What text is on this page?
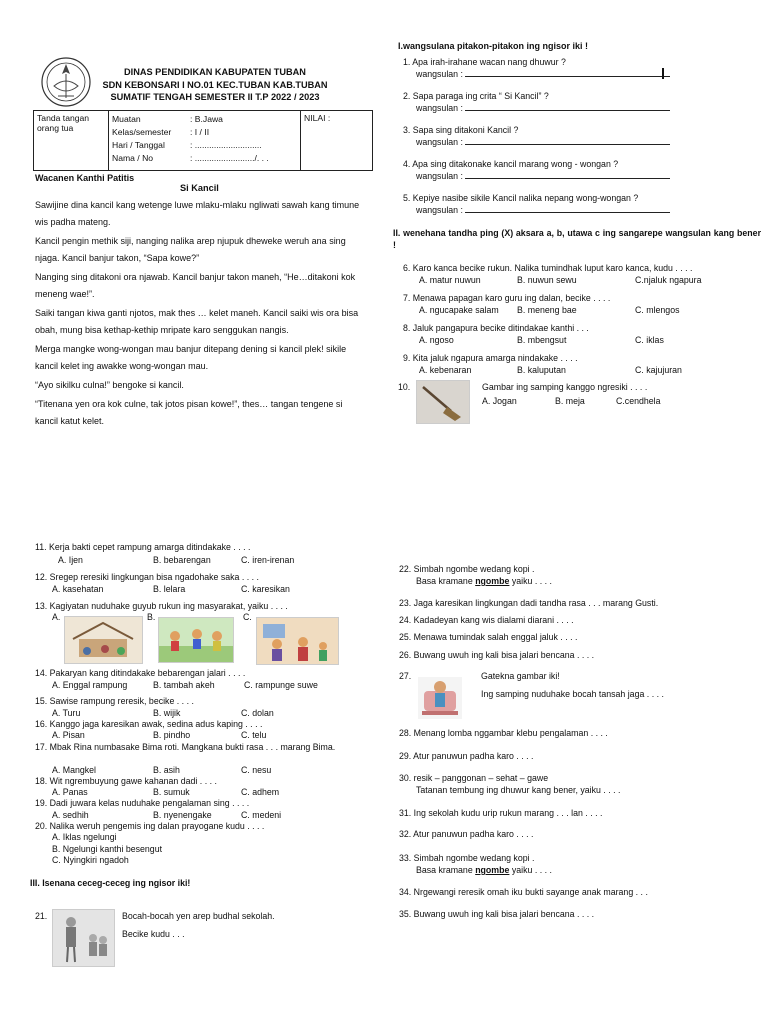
DINAS PENDIDIKAN KABUPATEN TUBAN
SDN KEBONSARI I NO.01 KEC.TUBAN KAB.TUBAN
SUMATIF TENGAH SEMESTER II T.P 2022 / 2023
Tanda tangan orang tua	
Muatan	: B.Jawa
Kelas/semester : I / II
Hari / Tanggal	: ............................
Nama / No	: ........................./. . .
	NILAI :
Wacanen Kanthi Patitis
Si Kancil

Sawijine dina kancil kang wetenge luwe mlaku-mlaku ngliwati sawah kang timune wis padha mateng.

Kancil pengin methik siji, nanging nalika arep njupuk dheweke weruh ana sing njaga. Kancil banjur takon, “Sapa kowe?”

Nanging sing ditakoni ora njawab. Kancil banjur takon maneh, “He…ditakoni kok meneng wae!”.

Saiki tangan kiwa ganti njotos, mak thes … kelet maneh. Kancil saiki wis ora bisa obah, mung bisa kethap-kethip mripate karo senggukan nangis.

Merga mangke wong-wongan mau banjur ditepang dening si kancil plek! sikile kancil kelet ing awakke wong-wongan mau.

“Ayo sikilku culna!” bengoke si kancil.

“Titenana yen ora kok culne, tak jotos pisan kowe!”, thes… tangan tengene si kancil katut kelet.

I.wangsulana pitakon-pitakon ing ngisor iki !
1. Apa irah-irahane wacan nang dhuwur ?
wangsulan :
2. Sapa paraga ing crita “ Si Kancil” ?
wangsulan :
3. Sapa sing ditakoni Kancil ?
wangsulan :
4. Apa sing ditakonake kancil marang wong - wongan ?
wangsulan :
5. Kepiye nasibe sikile Kancil nalika nepang wong-wongan ?
wangsulan :
II. wenehana tandha ping (X) aksara a, b, utawa c ing sangarepe wangsulan kang bener !
6. Karo kanca becike rukun. Nalika tumindhak luput karo kanca, kudu . . . .
A. matur nuwun	B. nuwun sewu	C.njaluk ngapura
7. Menawa papagan karo guru ing dalan, becike . . . .
A. ngucapake salam B. meneng bae	C. mlengos
8. Jaluk pangapura becike ditindakae kanthi . . .
A. ngoso	B. mbengsut	C. iklas
9. Kita jaluk ngapura amarga nindakake . . . .
A. kebenaran	B. kaluputan	C. kajujuran
10.	Gambar ing samping kanggo ngresiki . . . .
A. Jogan	B. meja	C.cendhela
11. Kerja bakti cepet rampung amarga ditindakake . . . .
A. Ijen	B. bebarengan	C. iren-irenan
12. Sregep reresiki lingkungan bisa ngadohake saka . . . .
A. kasehatan	B. lelara	C. karesikan
13. Kagiyatan nuduhake guyub rukun ing masyarakat, yaiku . . . .
A.	B.	C.
14. Pakaryan kang ditindakake bebarengan jalari . . . .
A. Enggal rampung	B. tambah akeh	C. rampunge suwe
15. Sawise rampung reresik, becike . . . .
A. Turu	B. wijik	C. dolan
16. Kanggo jaga karesikan awak, sedina adus kaping . . . .
A. Pisan	B. pindho	C. telu
17. Mbak Rina numbasake Bima roti. Mangkana bukti rasa . . . marang Bima.
A. Mangkel	B. asih	C. nesu
18. Wit ngrembuyung gawe kahanan dadi . . . .
A. Panas	B. sumuk	C. adhem
19. Dadi juwara kelas nuduhake pengalaman sing . . . .
A. sedhih	B. nyenengake	C. medeni
20. Nalika weruh pengemis ing dalan prayogane kudu . . . .
A. Iklas ngelungi
B. Ngelungi kanthi besengut
C. Nyingkiri ngadoh
III. Isenana ceceg-ceceg ing ngisor iki!
21.	Bocah-bocah yen arep budhal sekolah.
Becike kudu . . .
22. Simbah ngombe wedang kopi .
Basa kramane ngombe yaiku . . . .
23. Jaga karesikan lingkungan dadi tandha rasa . . . marang Gusti.
24. Kadadeyan kang wis dialami diarani . . . .
25. Menawa tumindak salah enggal jaluk . . . .
26. Buwang uwuh ing kali bisa jalari bencana . . . .
27.	Gatekna gambar iki!
Ing samping nuduhake bocah tansah jaga . . . .
28. Menang lomba nggambar klebu pengalaman . . . .
29. Atur panuwun padha karo . . . .
30. resik – panggonan – sehat – gawe
Tatanan tembung ing dhuwur kang bener, yaiku . . . .
31. Ing sekolah kudu urip rukun marang . . . lan . . . .
32. Atur panuwun padha karo . . . .
33. Simbah ngombe wedang kopi .
Basa kramane ngombe yaiku . . . .
34. Nrgewangi reresik omah iku bukti sayange anak marang . . .
35. Buwang uwuh ing kali bisa jalari bencana . . . .
